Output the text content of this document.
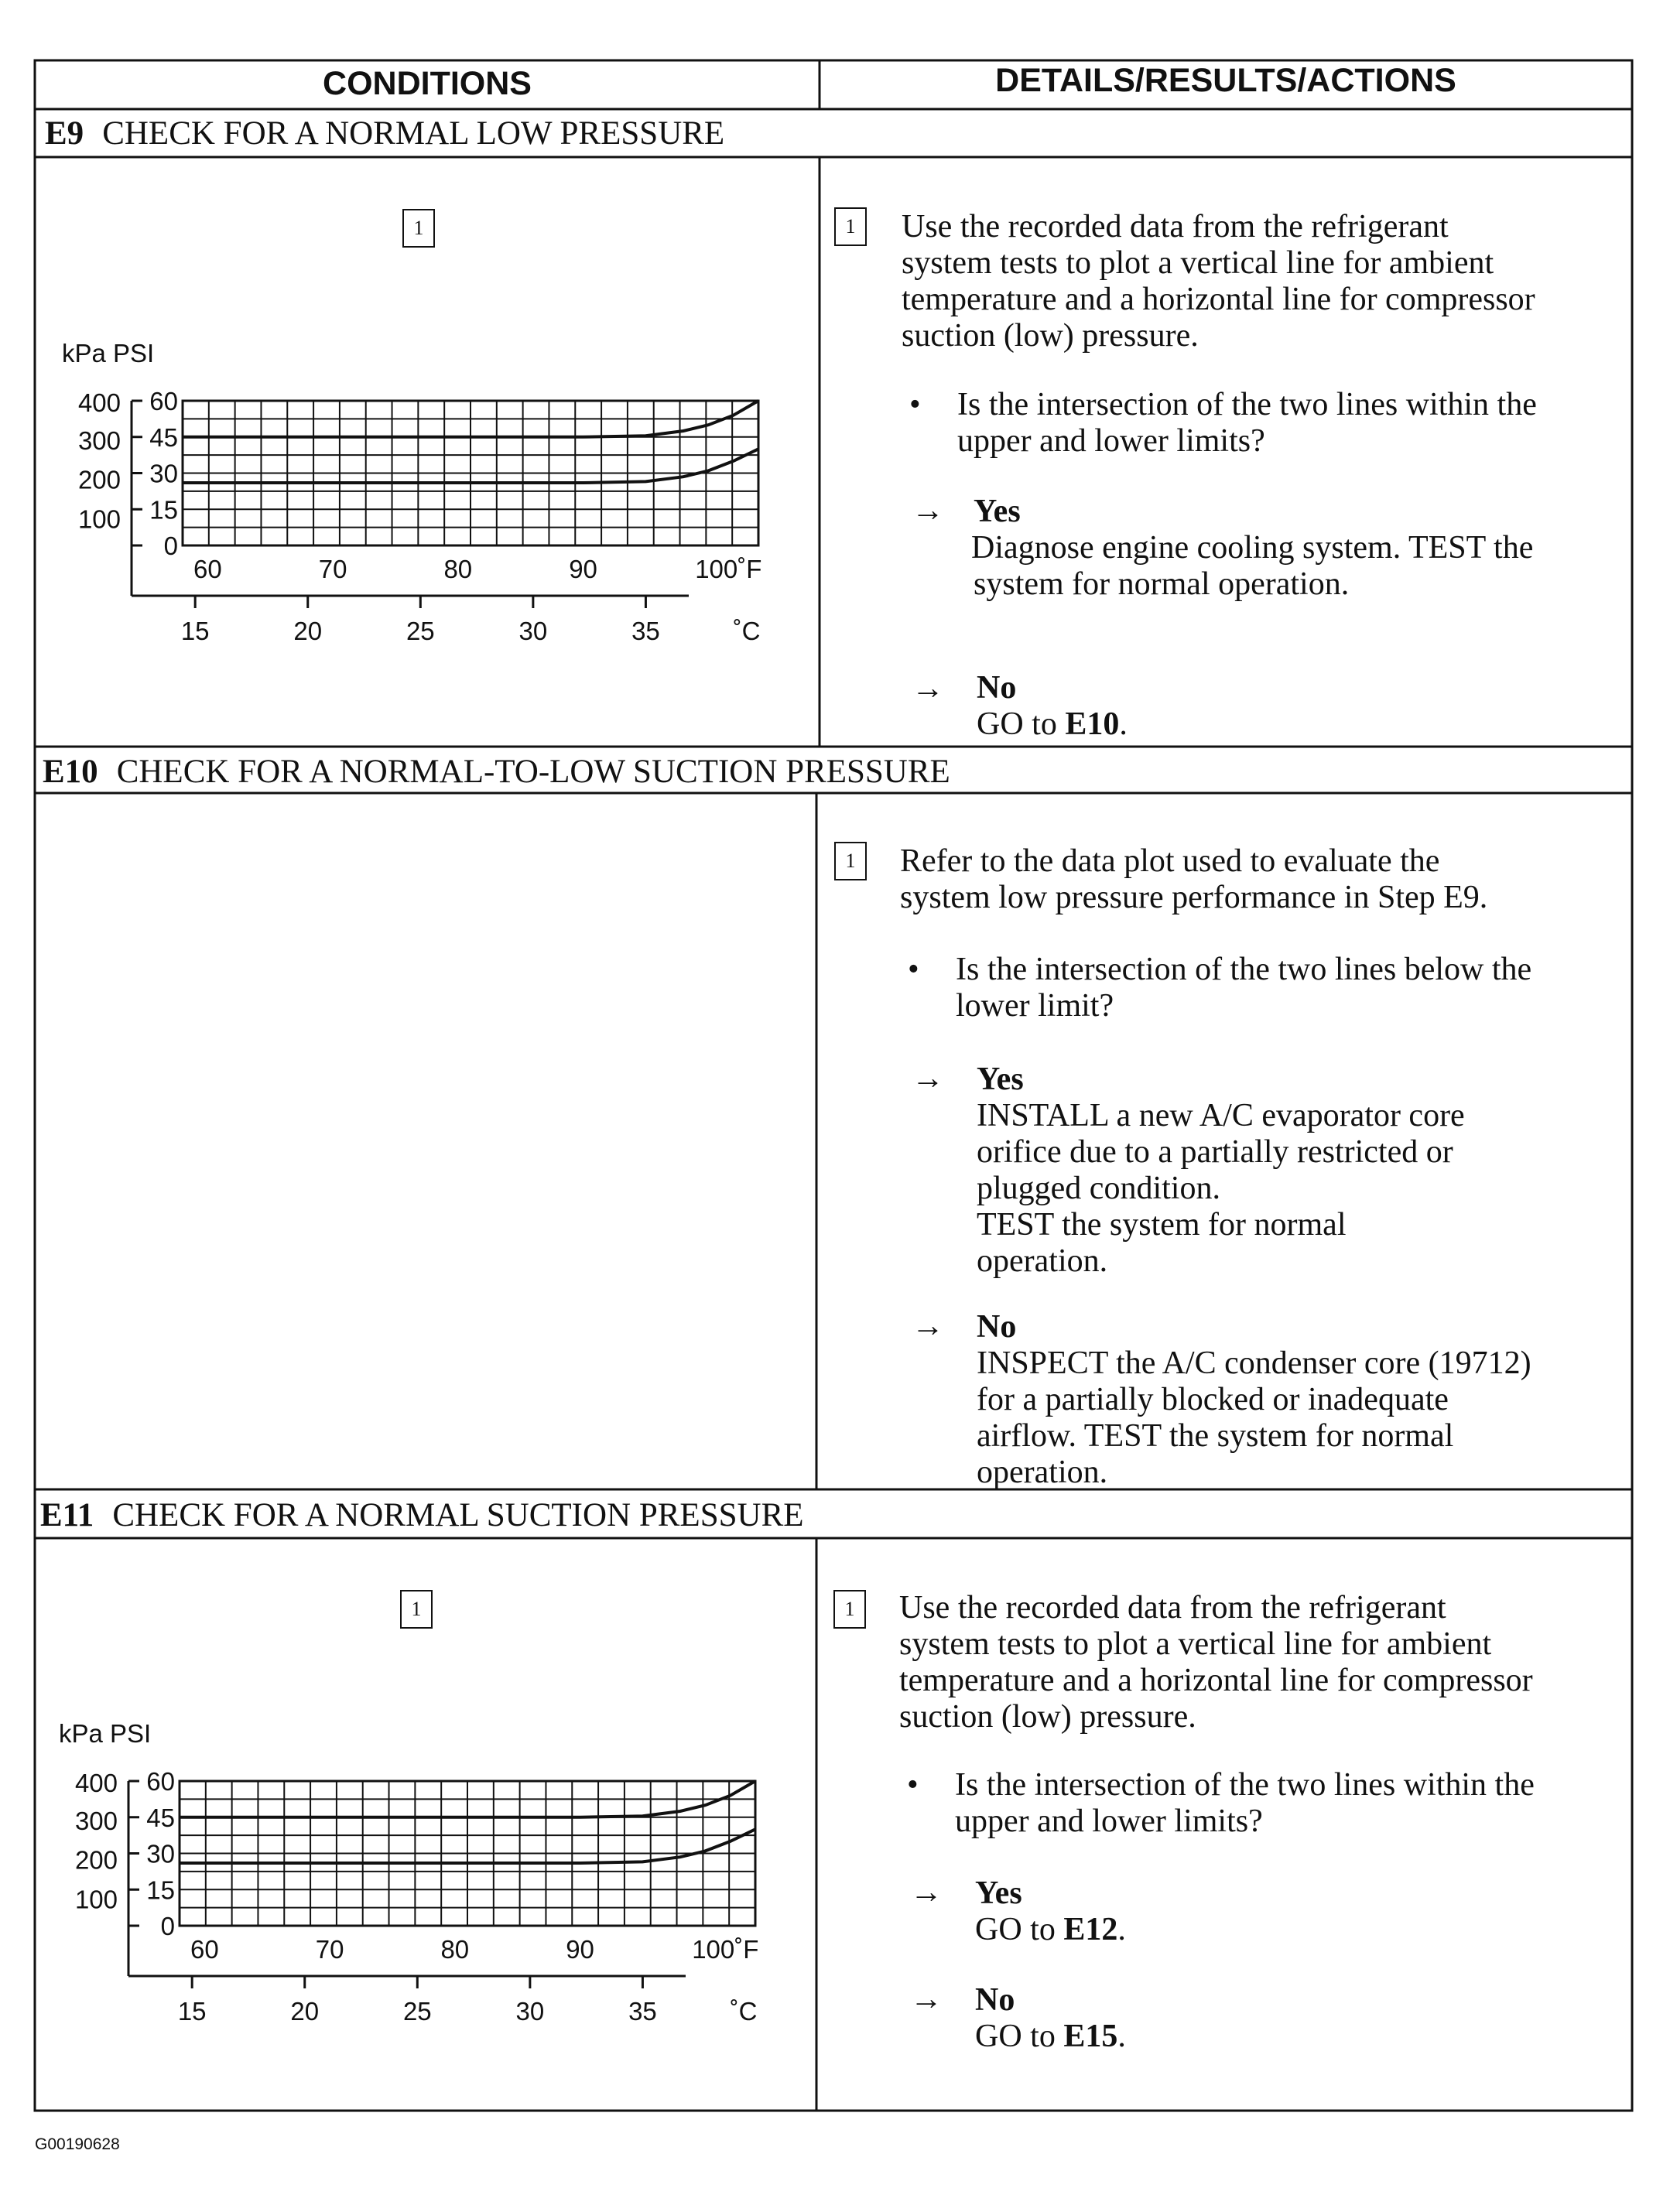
CONDITIONS	DETAILS/RESULTS/ACTIONS
E9 CHECK FOR A NORMAL LOW PRESSURE
1
kPa PSI
60
45
30
15
0
400
300
200
100
60	70	80	90	100˚F
15	20	25	30	35	˚C
1	Use the recorded data from the refrigerant
system tests to plot a vertical line for ambient
temperature and a horizontal line for compressor
suction (low) pressure.
• Is the intersection of the two lines within the
upper and lower limits?
→ Yes
Diagnose engine cooling system. TEST the
system for normal operation.
→ No
GO to E10.
E10 CHECK FOR A NORMAL-TO-LOW SUCTION PRESSURE
1	Refer to the data plot used to evaluate the
system low pressure performance in Step E9.
• Is the intersection of the two lines below the
lower limit?
→ Yes
INSTALL a new A/C evaporator core
orifice due to a partially restricted or
plugged condition.
TEST the system for normal
operation.
→ No
INSPECT the A/C condenser core (19712)
for a partially blocked or inadequate
airflow. TEST the system for normal
operation.
E11 CHECK FOR A NORMAL SUCTION PRESSURE
1
kPa PSI
60
45
30
15
0
400
300
200
100
60	70	80	90	100˚F
15	20	25	30	35	˚C
1	Use the recorded data from the refrigerant
system tests to plot a vertical line for ambient
temperature and a horizontal line for compressor
suction (low) pressure.
• Is the intersection of the two lines within the
upper and lower limits?
→ Yes
GO to E12.
→ No
GO to E15.
G00190628
